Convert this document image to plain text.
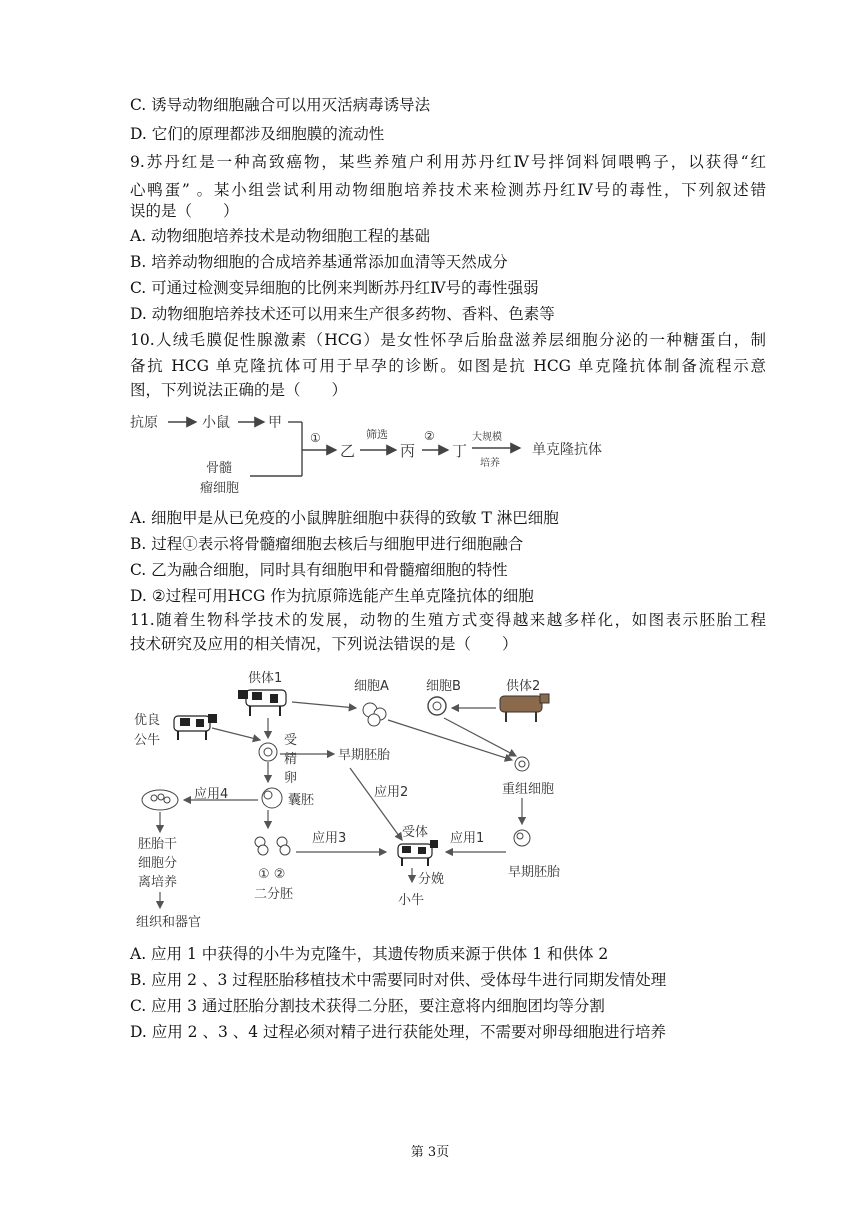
C. 诱导动物细胞融合可以用灭活病毒诱导法
D. 它们的原理都涉及细胞膜的流动性
9.苏丹红是一种高致癌物，某些养殖户利用苏丹红Ⅳ号拌饲料饲喂鸭子，以获得“红
心鸭蛋” 。某小组尝试利用动物细胞培养技术来检测苏丹红Ⅳ号的毒性，下列叙述错
误的是（　　）
A. 动物细胞培养技术是动物细胞工程的基础
B. 培养动物细胞的合成培养基通常添加血清等天然成分
C. 可通过检测变异细胞的比例来判断苏丹红Ⅳ号的毒性强弱
D. 动物细胞培养技术还可以用来生产很多药物、香料、色素等
10.人绒毛膜促性腺激素（HCG）是女性怀孕后胎盘滋养层细胞分泌的一种糖蛋白，制
备抗 HCG 单克隆抗体可用于早孕的诊断。如图是抗 HCG 单克隆抗体制备流程示意
图，下列说法正确的是（　　）
抗原	小鼠	甲
骨髓
瘤细胞
①
乙
筛选
丙
②
丁
大规模
培养
单克隆抗体
A. 细胞甲是从已免疫的小鼠脾脏细胞中获得的致敏 T 淋巴细胞
B. 过程①表示将骨髓瘤细胞去核后与细胞甲进行细胞融合
C. 乙为融合细胞，同时具有细胞甲和骨髓瘤细胞的特性
D. ②过程可用HCG 作为抗原筛选能产生单克隆抗体的细胞
11.随着生物科学技术的发展，动物的生殖方式变得越来越多样化，如图表示胚胎工程
技术研究及应用的相关情况，下列说法错误的是（　　）
供体1
细胞A	细胞B	供体2
优良
公牛	受
精
卵
早期胚胎
重组细胞
囊胚
应用4
胚胎干
细胞分
离培养
组织和器官
应用2
① ②
二分胚
应用3	受体 应用1
早期胚胎
分娩
小牛
A. 应用 1 中获得的小牛为克隆牛，其遗传物质来源于供体 1 和供体 2
B. 应用 2 、3 过程胚胎移植技术中需要同时对供、受体母牛进行同期发情处理
C. 应用 3 通过胚胎分割技术获得二分胚，要注意将内细胞团均等分割
D. 应用 2 、3 、4 过程必须对精子进行获能处理，不需要对卵母细胞进行培养
第 3页
